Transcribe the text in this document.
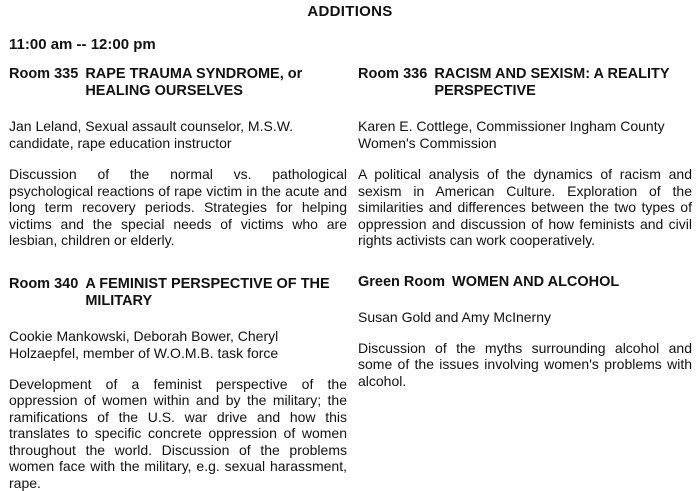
ADDITIONS
11:00 am -- 12:00 pm
Room 335 RAPE TRAUMA SYNDROME, or HEALING OURSELVES
Jan Leland, Sexual assault counselor, M.S.W. candidate, rape education instructor
Discussion of the normal vs. pathological psychological reactions of rape victim in the acute and long term recovery periods. Strategies for helping victims and the special needs of victims who are lesbian, children or elderly.
Room 340 A FEMINIST PERSPECTIVE OF THE MILITARY
Cookie Mankowski, Deborah Bower, Cheryl Holzaepfel, member of W.O.M.B. task force
Development of a feminist perspective of the oppression of women within and by the military; the ramifications of the U.S. war drive and how this translates to specific concrete oppression of women throughout the world. Discussion of the problems women face with the military, e.g. sexual harassment, rape.
Room 336 RACISM AND SEXISM: A REALITY PERSPECTIVE
Karen E. Cottlege, Commissioner Ingham County Women's Commission
A political analysis of the dynamics of racism and sexism in American Culture. Exploration of the similarities and differences between the two types of oppression and discussion of how feminists and civil rights activists can work cooperatively.
Green Room WOMEN AND ALCOHOL
Susan Gold and Amy McInerny
Discussion of the myths surrounding alcohol and some of the issues involving women's problems with alcohol.
